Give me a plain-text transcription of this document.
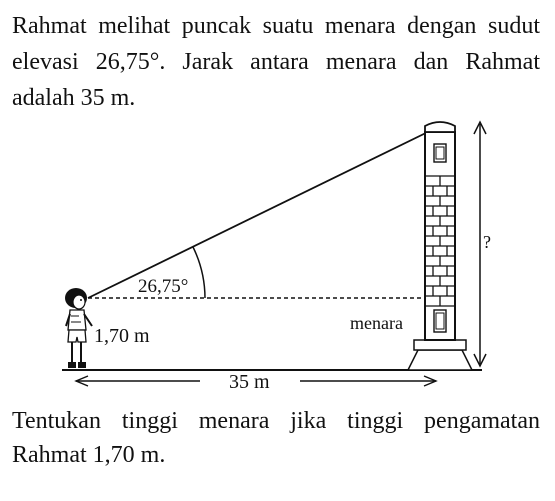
Rahmat melihat puncak suatu menara dengan sudut elevasi 26,75°. Jarak antara menara dan Rahmat adalah 35 m.

26,75°
1,70 m
menara
?
35 m

Tentukan tinggi menara jika tinggi pengamatan Rahmat 1,70 m.
